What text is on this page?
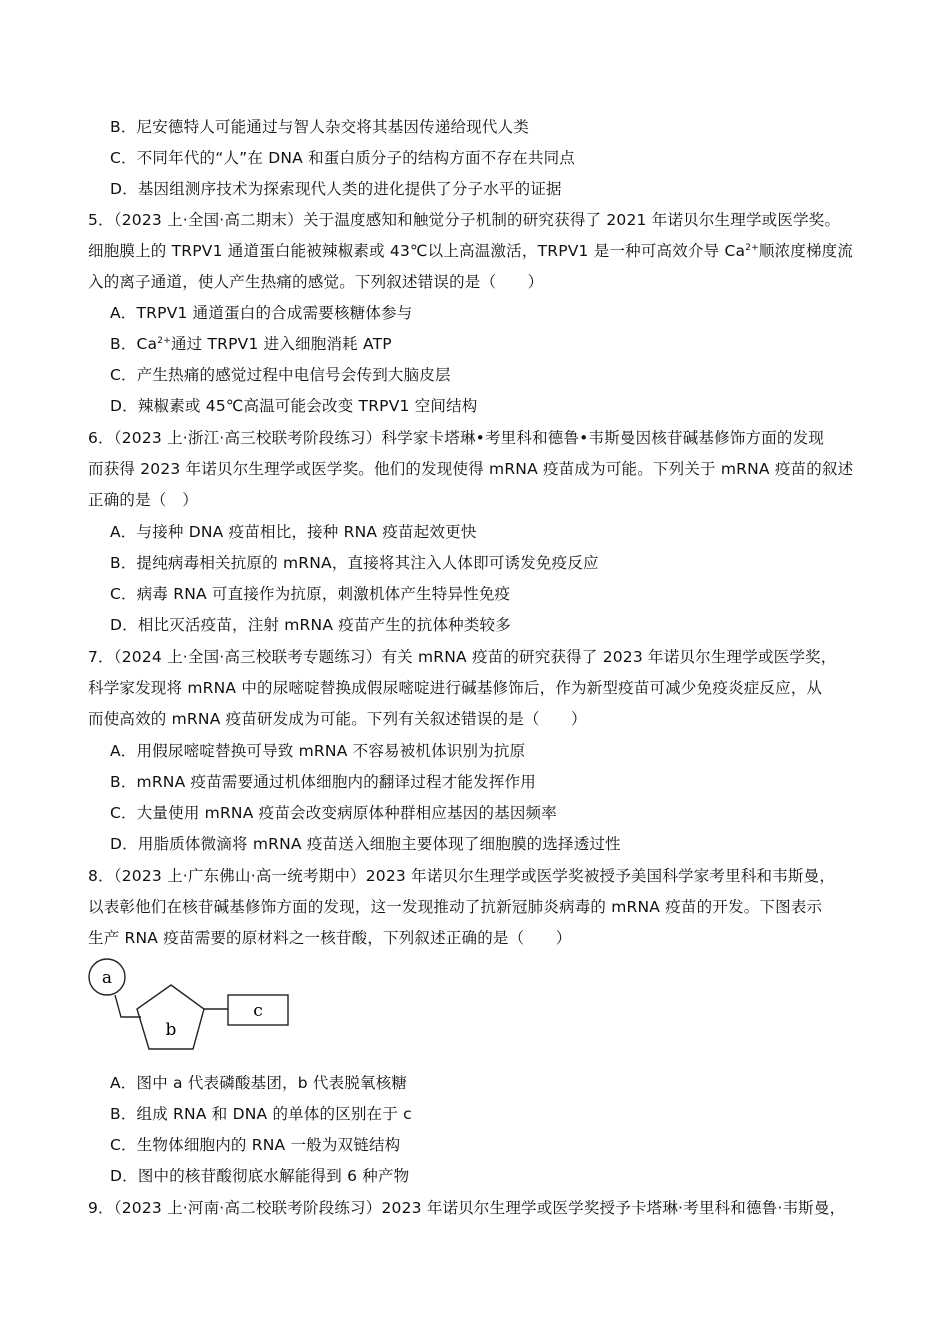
B．尼安德特人可能通过与智人杂交将其基因传递给现代人类
C．不同年代的“人”在 DNA 和蛋白质分子的结构方面不存在共同点
D．基因组测序技术为探索现代人类的进化提供了分子水平的证据
5．（2023 上·全国·高二期末）关于温度感知和触觉分子机制的研究获得了 2021 年诺贝尔生理学或医学奖。
细胞膜上的 TRPV1 通道蛋白能被辣椒素或 43℃以上高温激活，TRPV1 是一种可高效介导 $Ca^{2+}$顺浓度梯度流
入的离子通道，使人产生热痛的感觉。下列叙述错误的是（　　）
A．TRPV1 通道蛋白的合成需要核糖体参与
B．$Ca^{2+}$通过 TRPV1 进入细胞消耗 ATP
C．产生热痛的感觉过程中电信号会传到大脑皮层
D．辣椒素或 45℃高温可能会改变 TRPV1 空间结构
6．（2023 上·浙江·高三校联考阶段练习）科学家卡塔琳•考里科和德鲁•韦斯曼因核苷碱基修饰方面的发现
而获得 2023 年诺贝尔生理学或医学奖。他们的发现使得 mRNA 疫苗成为可能。下列关于 mRNA 疫苗的叙述
正确的是（　）
A．与接种 DNA 疫苗相比，接种 RNA 疫苗起效更快
B．提纯病毒相关抗原的 mRNA，直接将其注入人体即可诱发免疫反应
C．病毒 RNA 可直接作为抗原，刺激机体产生特异性免疫
D．相比灭活疫苗，注射 mRNA 疫苗产生的抗体种类较多
7．（2024 上·全国·高三校联考专题练习）有关 mRNA 疫苗的研究获得了 2023 年诺贝尔生理学或医学奖，
科学家发现将 mRNA 中的尿嘧啶替换成假尿嘧啶进行碱基修饰后，作为新型疫苗可减少免疫炎症反应，从
而使高效的 mRNA 疫苗研发成为可能。下列有关叙述错误的是（　　）
A．用假尿嘧啶替换可导致 mRNA 不容易被机体识别为抗原
B．mRNA 疫苗需要通过机体细胞内的翻译过程才能发挥作用
C．大量使用 mRNA 疫苗会改变病原体种群相应基因的基因频率
D．用脂质体微滴将 mRNA 疫苗送入细胞主要体现了细胞膜的选择透过性
8．（2023 上·广东佛山·高一统考期中）2023 年诺贝尔生理学或医学奖被授予美国科学家考里科和韦斯曼，
以表彰他们在核苷碱基修饰方面的发现，这一发现推动了抗新冠肺炎病毒的 mRNA 疫苗的开发。下图表示
生产 RNA 疫苗需要的原材料之一核苷酸，下列叙述正确的是（　　）
a
b
c
A．图中 a 代表磷酸基团，b 代表脱氧核糖
B．组成 RNA 和 DNA 的单体的区别在于 c
C．生物体细胞内的 RNA 一般为双链结构
D．图中的核苷酸彻底水解能得到 6 种产物
9．（2023 上·河南·高二校联考阶段练习）2023 年诺贝尔生理学或医学奖授予卡塔琳·考里科和德鲁·韦斯曼，
